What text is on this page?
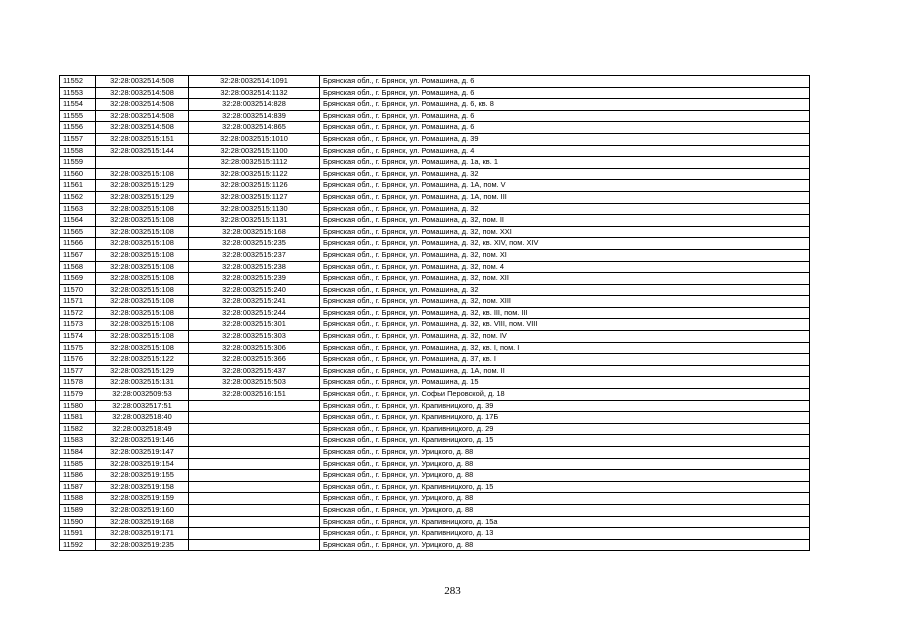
11552	32:28:0032514:508	32:28:0032514:1091	Брянская обл., г. Брянск, ул. Ромашина, д. 6
11553	32:28:0032514:508	32:28:0032514:1132	Брянская обл., г. Брянск, ул. Ромашина, д. 6
11554	32:28:0032514:508	32:28:0032514:828	Брянская обл., г. Брянск, ул. Ромашина, д. 6, кв. 8
11555	32:28:0032514:508	32:28:0032514:839	Брянская обл., г. Брянск, ул. Ромашина, д. 6
11556	32:28:0032514:508	32:28:0032514:865	Брянская обл., г. Брянск, ул. Ромашина, д. 6
11557	32:28:0032515:151	32:28:0032515:1010	Брянская обл., г. Брянск, ул. Ромашина, д. 39
11558	32:28:0032515:144	32:28:0032515:1100	Брянская обл., г. Брянск, ул. Ромашина, д. 4
11559		32:28:0032515:1112	Брянская обл., г. Брянск, ул. Ромашина, д. 1а, кв. 1
11560	32:28:0032515:108	32:28:0032515:1122	Брянская обл., г. Брянск, ул. Ромашина, д. 32
11561	32:28:0032515:129	32:28:0032515:1126	Брянская обл., г. Брянск, ул. Ромашина, д. 1А, пом. V
11562	32:28:0032515:129	32:28:0032515:1127	Брянская обл., г. Брянск, ул. Ромашина, д. 1А, пом. III
11563	32:28:0032515:108	32:28:0032515:1130	Брянская обл., г. Брянск, ул. Ромашина, д. 32
11564	32:28:0032515:108	32:28:0032515:1131	Брянская обл., г. Брянск, ул. Ромашина, д. 32, пом. II
11565	32:28:0032515:108	32:28:0032515:168	Брянская обл., г. Брянск, ул. Ромашина, д. 32, пом. XXI
11566	32:28:0032515:108	32:28:0032515:235	Брянская обл., г. Брянск, ул. Ромашина, д. 32, кв. XIV, пом. XIV
11567	32:28:0032515:108	32:28:0032515:237	Брянская обл., г. Брянск, ул. Ромашина, д. 32, пом. XI
11568	32:28:0032515:108	32:28:0032515:238	Брянская обл., г. Брянск, ул. Ромашина, д. 32, пом. 4
11569	32:28:0032515:108	32:28:0032515:239	Брянская обл., г. Брянск, ул. Ромашина, д. 32, пом. XII
11570	32:28:0032515:108	32:28:0032515:240	Брянская обл., г. Брянск, ул. Ромашина, д. 32
11571	32:28:0032515:108	32:28:0032515:241	Брянская обл., г. Брянск, ул. Ромашина, д. 32, пом. XIII
11572	32:28:0032515:108	32:28:0032515:244	Брянская обл., г. Брянск, ул. Ромашина, д. 32, кв. III, пом. III
11573	32:28:0032515:108	32:28:0032515:301	Брянская обл., г. Брянск, ул. Ромашина, д. 32, кв. VIII, пом. VIII
11574	32:28:0032515:108	32:28:0032515:303	Брянская обл., г. Брянск, ул. Ромашина, д. 32, пом. IV
11575	32:28:0032515:108	32:28:0032515:306	Брянская обл., г. Брянск, ул. Ромашина, д. 32, кв. I, пом. I
11576	32:28:0032515:122	32:28:0032515:366	Брянская обл., г. Брянск, ул. Ромашина, д. 37, кв. I
11577	32:28:0032515:129	32:28:0032515:437	Брянская обл., г. Брянск, ул. Ромашина, д. 1А, пом. II
11578	32:28:0032515:131	32:28:0032515:503	Брянская обл., г. Брянск, ул. Ромашина, д. 15
11579	32:28:0032509:53	32:28:0032516:151	Брянская обл., г. Брянск, ул. Софьи Перовской, д. 18
11580	32:28:0032517:51		Брянская обл., г. Брянск, ул. Крапивницкого, д. 39
11581	32:28:0032518:40		Брянская обл., г. Брянск, ул. Крапивницкого, д. 17Б
11582	32:28:0032518:49		Брянская обл., г. Брянск, ул. Крапивницкого, д. 29
11583	32:28:0032519:146		Брянская обл., г. Брянск, ул. Крапивницкого, д. 15
11584	32:28:0032519:147		Брянская обл., г. Брянск, ул. Урицкого, д. 88
11585	32:28:0032519:154		Брянская обл., г. Брянск, ул. Урицкого, д. 88
11586	32:28:0032519:155		Брянская обл., г. Брянск, ул. Урицкого, д. 88
11587	32:28:0032519:158		Брянская обл., г. Брянск, ул. Крапивницкого, д. 15
11588	32:28:0032519:159		Брянская обл., г. Брянск, ул. Урицкого, д. 88
11589	32:28:0032519:160		Брянская обл., г. Брянск, ул. Урицкого, д. 88
11590	32:28:0032519:168		Брянская обл., г. Брянск, ул. Крапивницкого, д. 15а
11591	32:28:0032519:171		Брянская обл., г. Брянск, ул. Крапивницкого, д. 13
11592	32:28:0032519:235		Брянская обл., г. Брянск, ул. Урицкого, д. 88
283
